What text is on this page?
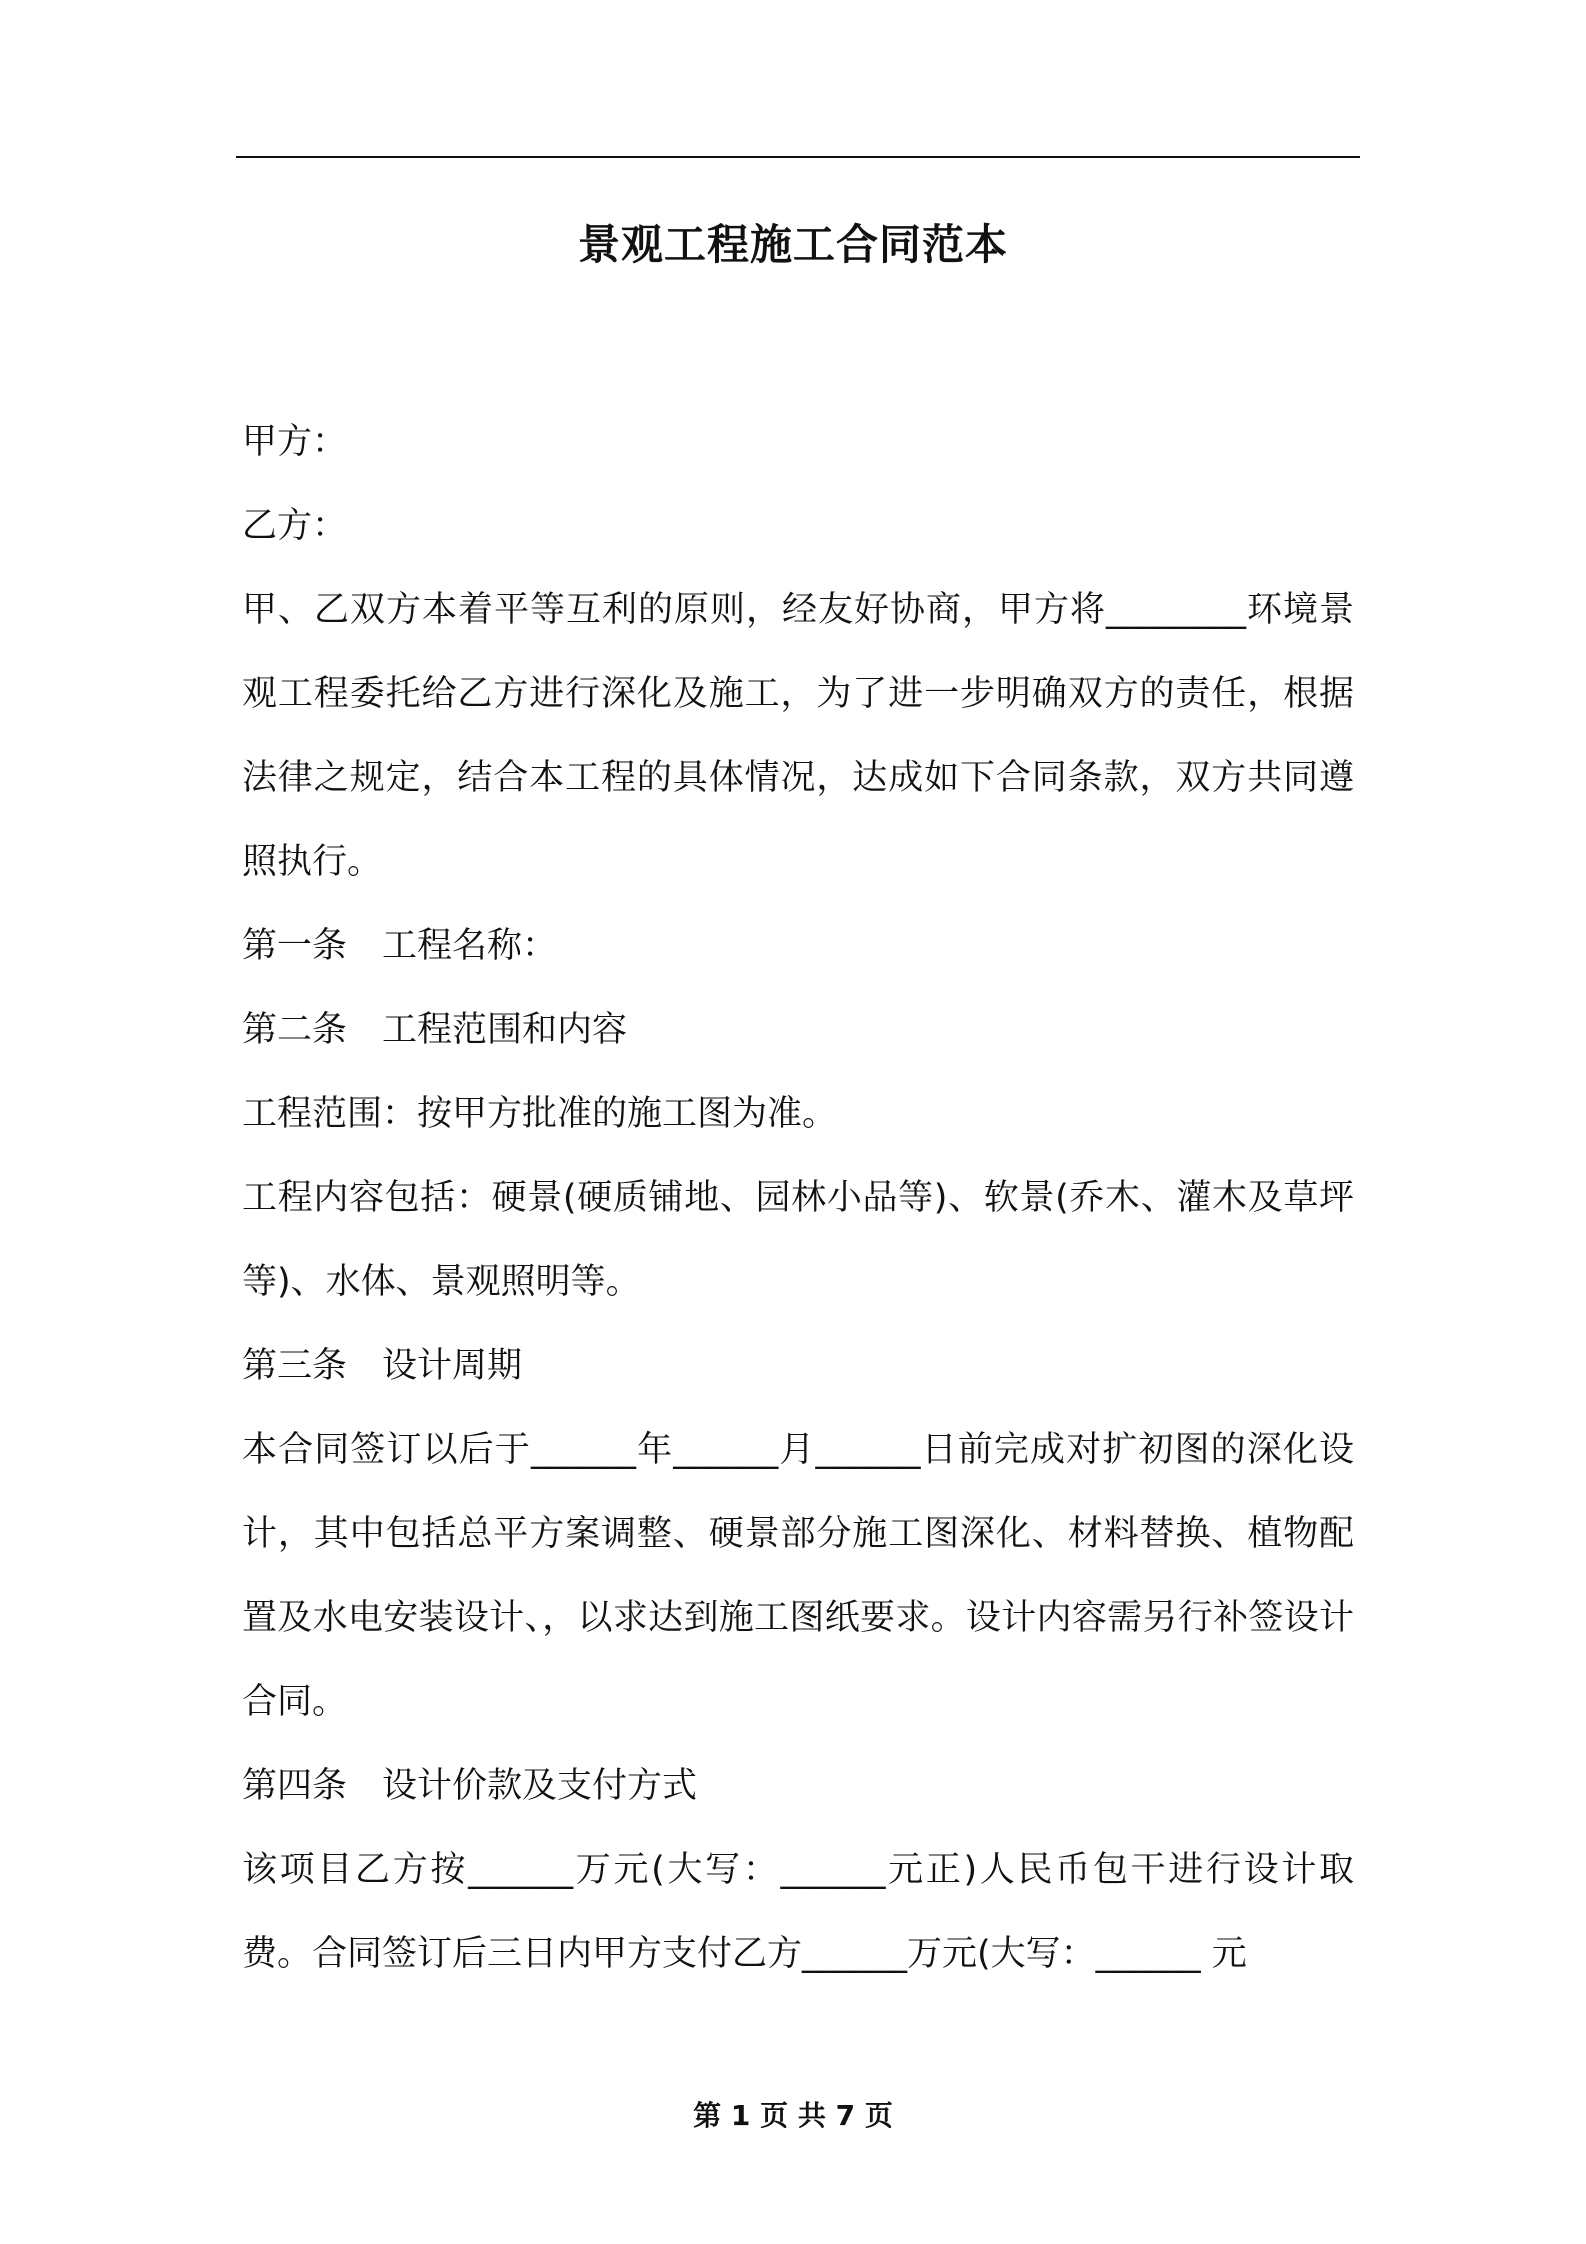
景观工程施工合同范本

甲方：

乙方：

甲、乙双方本着平等互利的原则，经友好协商，甲方将________环境景观工程委托给乙方进行深化及施工，为了进一步明确双方的责任，根据法律之规定，结合本工程的具体情况，达成如下合同条款，双方共同遵照执行。

第一条　工程名称：

第二条　工程范围和内容

工程范围：按甲方批准的施工图为准。

工程内容包括：硬景(硬质铺地、园林小品等)、软景(乔木、灌木及草坪等)、水体、景观照明等。

第三条　设计周期

本合同签订以后于______年______月______日前完成对扩初图的深化设计，其中包括总平方案调整、硬景部分施工图深化、材料替换、植物配置及水电安装设计、，以求达到施工图纸要求。设计内容需另行补签设计合同。

第四条　设计价款及支付方式

该项目乙方按______万元(大写：______元正)人民币包干进行设计取费。合同签订后三日内甲方支付乙方______万元(大写：______ 元

第 1 页 共 7 页
